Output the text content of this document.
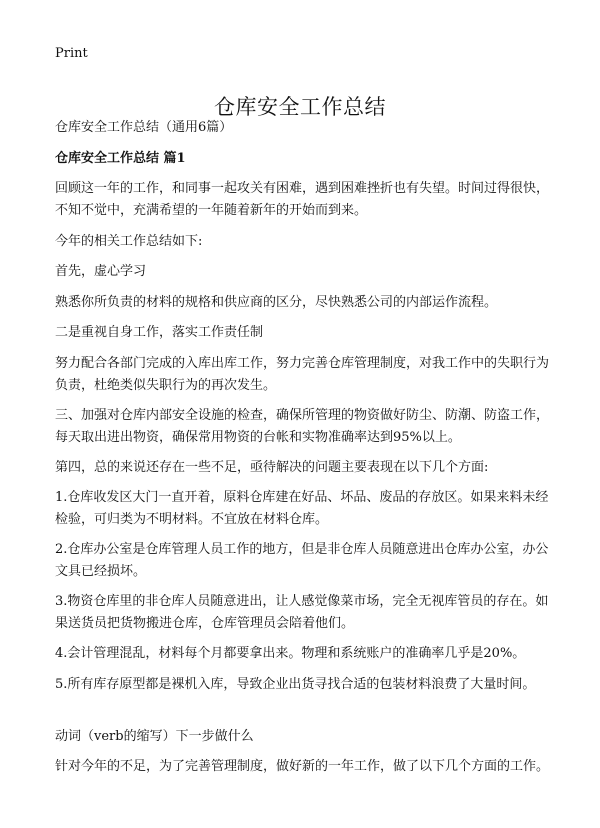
Print
仓库安全工作总结
仓库安全工作总结（通用6篇）
仓库安全工作总结 篇1

回顾这一年的工作，和同事一起攻关有困难，遇到困难挫折也有失望。时间过得很快，不知不觉中，充满希望的一年随着新年的开始而到来。

今年的相关工作总结如下:

首先，虚心学习

熟悉你所负责的材料的规格和供应商的区分，尽快熟悉公司的内部运作流程。

二是重视自身工作，落实工作责任制

努力配合各部门完成的入库出库工作，努力完善仓库管理制度，对我工作中的失职行为负责，杜绝类似失职行为的再次发生。

三、加强对仓库内部安全设施的检查，确保所管理的物资做好防尘、防潮、防盗工作，每天取出进出物资，确保常用物资的台帐和实物准确率达到95%以上。

第四，总的来说还存在一些不足，亟待解决的问题主要表现在以下几个方面:

1.仓库收发区大门一直开着，原料仓库建在好品、坏品、废品的存放区。如果来料未经检验，可归类为不明材料。不宜放在材料仓库。

2.仓库办公室是仓库管理人员工作的地方，但是非仓库人员随意进出仓库办公室，办公文具已经损坏。

3.物资仓库里的非仓库人员随意进出，让人感觉像菜市场，完全无视库管员的存在。如果送货员把货物搬进仓库，仓库管理员会陪着他们。

4.会计管理混乱，材料每个月都要拿出来。物理和系统账户的准确率几乎是20%。

5.所有库存原型都是裸机入库，导致企业出货寻找合适的包装材料浪费了大量时间。

动词（verb的缩写）下一步做什么

针对今年的不足，为了完善管理制度，做好新的一年工作，做了以下几个方面的工作。
